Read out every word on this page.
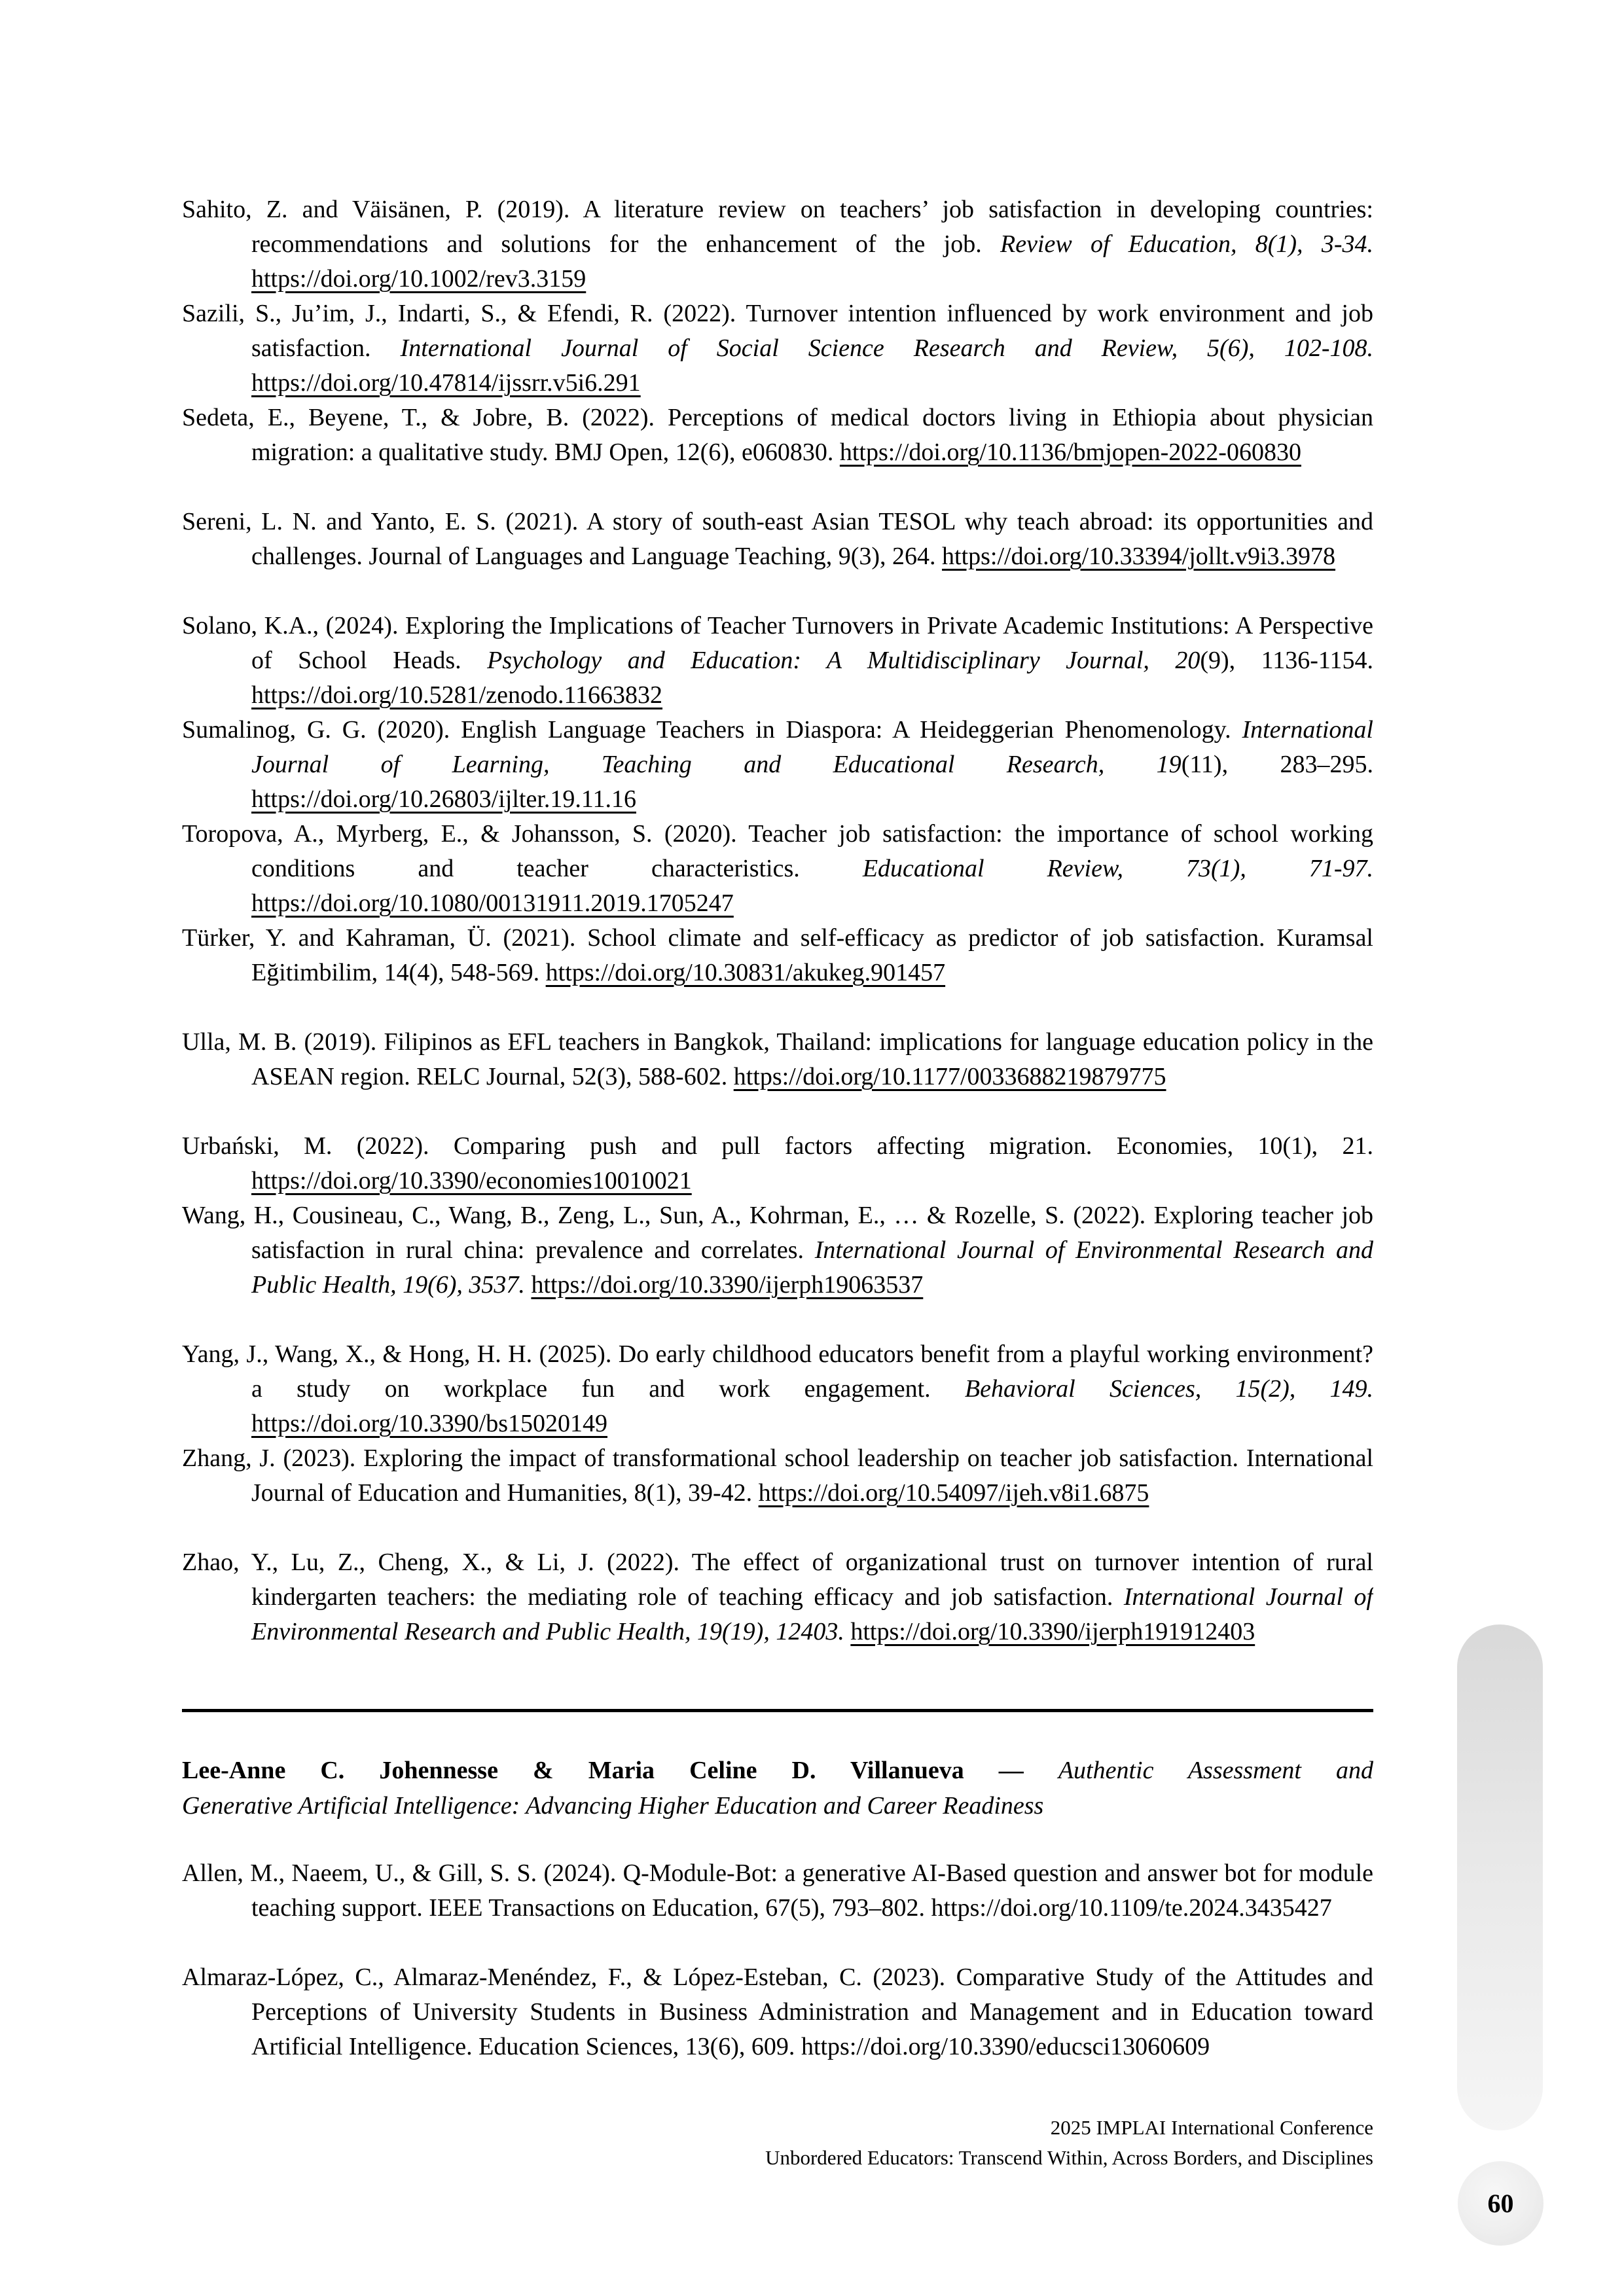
Sahito, Z. and Väisänen, P. (2019). A literature review on teachers’ job satisfaction in developing countries: recommendations and solutions for the enhancement of the job. Review of Education, 8(1), 3-34. https://doi.org/10.1002/rev3.3159

Sazili, S., Ju’im, J., Indarti, S., & Efendi, R. (2022). Turnover intention influenced by work environment and job satisfaction. International Journal of Social Science Research and Review, 5(6), 102-108. https://doi.org/10.47814/ijssrr.v5i6.291

Sedeta, E., Beyene, T., & Jobre, B. (2022). Perceptions of medical doctors living in Ethiopia about physician migration: a qualitative study. BMJ Open, 12(6), e060830. https://doi.org/10.1136/bmjopen-2022-060830

Sereni, L. N. and Yanto, E. S. (2021). A story of south-east Asian TESOL why teach abroad: its opportunities and challenges. Journal of Languages and Language Teaching, 9(3), 264. https://doi.org/10.33394/jollt.v9i3.3978

Solano, K.A., (2024). Exploring the Implications of Teacher Turnovers in Private Academic Institutions: A Perspective of School Heads. Psychology and Education: A Multidisciplinary Journal, 20(9), 1136-1154. https://doi.org/10.5281/zenodo.11663832

Sumalinog, G. G. (2020). English Language Teachers in Diaspora: A Heideggerian Phenomenology. International Journal of Learning, Teaching and Educational Research, 19(11), 283–295. https://doi.org/10.26803/ijlter.19.11.16

Toropova, A., Myrberg, E., & Johansson, S. (2020). Teacher job satisfaction: the importance of school working conditions and teacher characteristics. Educational Review, 73(1), 71-97. https://doi.org/10.1080/00131911.2019.1705247

Türker, Y. and Kahraman, Ü. (2021). School climate and self-efficacy as predictor of job satisfaction. Kuramsal Eğitimbilim, 14(4), 548-569. https://doi.org/10.30831/akukeg.901457

Ulla, M. B. (2019). Filipinos as EFL teachers in Bangkok, Thailand: implications for language education policy in the ASEAN region. RELC Journal, 52(3), 588-602. https://doi.org/10.1177/0033688219879775

Urbański, M. (2022). Comparing push and pull factors affecting migration. Economies, 10(1), 21. https://doi.org/10.3390/economies10010021

Wang, H., Cousineau, C., Wang, B., Zeng, L., Sun, A., Kohrman, E., … & Rozelle, S. (2022). Exploring teacher job satisfaction in rural china: prevalence and correlates. International Journal of Environmental Research and Public Health, 19(6), 3537. https://doi.org/10.3390/ijerph19063537

Yang, J., Wang, X., & Hong, H. H. (2025). Do early childhood educators benefit from a playful working environment? a study on workplace fun and work engagement. Behavioral Sciences, 15(2), 149. https://doi.org/10.3390/bs15020149

Zhang, J. (2023). Exploring the impact of transformational school leadership on teacher job satisfaction. International Journal of Education and Humanities, 8(1), 39-42. https://doi.org/10.54097/ijeh.v8i1.6875

Zhao, Y., Lu, Z., Cheng, X., & Li, J. (2022). The effect of organizational trust on turnover intention of rural kindergarten teachers: the mediating role of teaching efficacy and job satisfaction. International Journal of Environmental Research and Public Health, 19(19), 12403. https://doi.org/10.3390/ijerph191912403

Lee-Anne C. Johennesse & Maria Celine D. Villanueva — Authentic Assessment and
Generative Artificial Intelligence: Advancing Higher Education and Career Readiness

Allen, M., Naeem, U., & Gill, S. S. (2024). Q-Module-Bot: a generative AI-Based question and answer bot for module teaching support. IEEE Transactions on Education, 67(5), 793–802. https://doi.org/10.1109/te.2024.3435427

Almaraz-López, C., Almaraz-Menéndez, F., & López-Esteban, C. (2023). Comparative Study of the Attitudes and Perceptions of University Students in Business Administration and Management and in Education toward Artificial Intelligence. Education Sciences, 13(6), 609. https://doi.org/10.3390/educsci13060609

2025 IMPLAI International Conference
Unbordered Educators: Transcend Within, Across Borders, and Disciplines
60
